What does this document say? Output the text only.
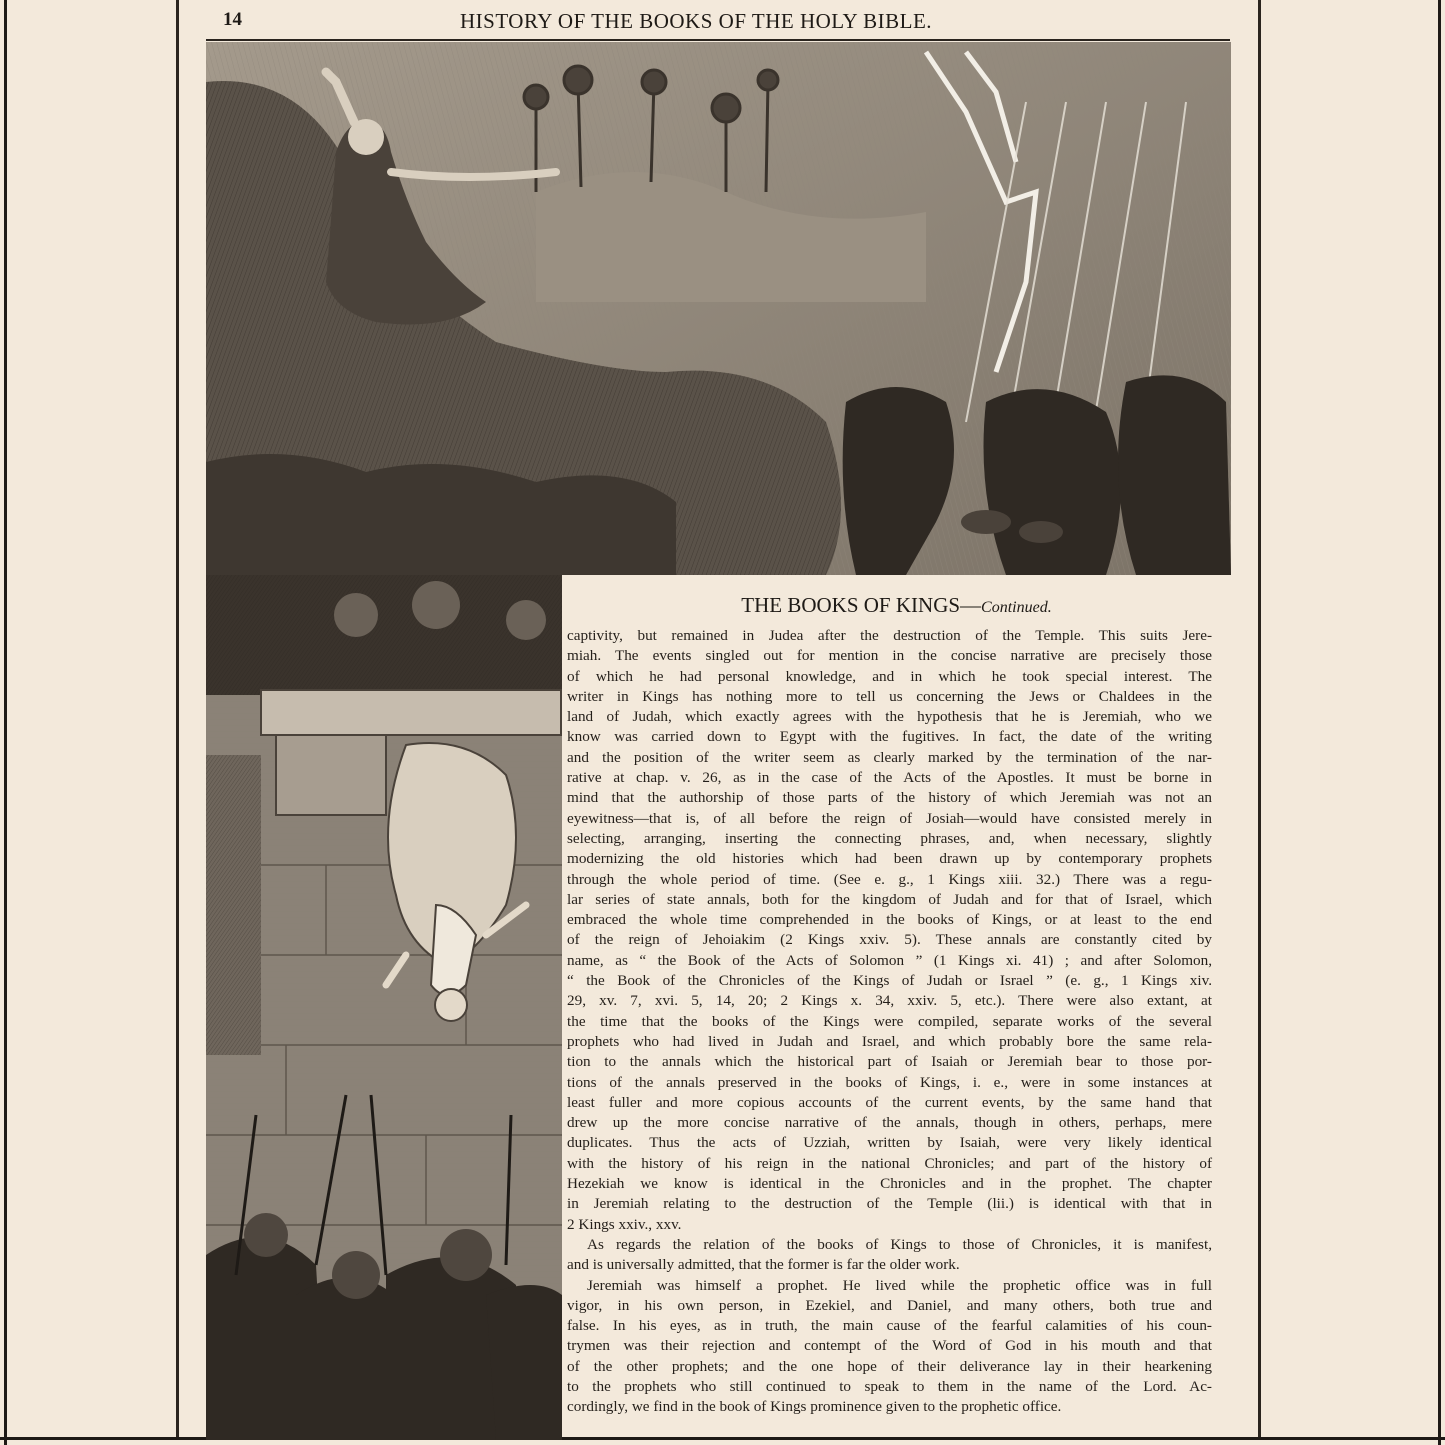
14	HISTORY OF THE BOOKS OF THE HOLY BIBLE.
THE BOOKS OF KINGS—Continued.
captivity, but remained in Judea after the destruction of the Temple. This suits Jere-
miah. The events singled out for mention in the concise narrative are precisely those
of which he had personal knowledge, and in which he took special interest. The
writer in Kings has nothing more to tell us concerning the Jews or Chaldees in the
land of Judah, which exactly agrees with the hypothesis that he is Jeremiah, who we
know was carried down to Egypt with the fugitives. In fact, the date of the writing
and the position of the writer seem as clearly marked by the termination of the nar-
rative at chap. v. 26, as in the case of the Acts of the Apostles. It must be borne in
mind that the authorship of those parts of the history of which Jeremiah was not an
eyewitness—that is, of all before the reign of Josiah—would have consisted merely in
selecting, arranging, inserting the connecting phrases, and, when necessary, slightly
modernizing the old histories which had been drawn up by contemporary prophets
through the whole period of time. (See e. g., 1 Kings xiii. 32.) There was a regu-
lar series of state annals, both for the kingdom of Judah and for that of Israel, which
embraced the whole time comprehended in the books of Kings, or at least to the end
of the reign of Jehoiakim (2 Kings xxiv. 5). These annals are constantly cited by
name, as “ the Book of the Acts of Solomon ” (1 Kings xi. 41) ; and after Solomon,
“ the Book of the Chronicles of the Kings of Judah or Israel ” (e. g., 1 Kings xiv.
29, xv. 7, xvi. 5, 14, 20; 2 Kings x. 34, xxiv. 5, etc.). There were also extant, at
the time that the books of the Kings were compiled, separate works of the several
prophets who had lived in Judah and Israel, and which probably bore the same rela-
tion to the annals which the historical part of Isaiah or Jeremiah bear to those por-
tions of the annals preserved in the books of Kings, i. e., were in some instances at
least fuller and more copious accounts of the current events, by the same hand that
drew up the more concise narrative of the annals, though in others, perhaps, mere
duplicates. Thus the acts of Uzziah, written by Isaiah, were very likely identical
with the history of his reign in the national Chronicles; and part of the history of
Hezekiah we know is identical in the Chronicles and in the prophet. The chapter
in Jeremiah relating to the destruction of the Temple (lii.) is identical with that in
2 Kings xxiv., xxv.
As regards the relation of the books of Kings to those of Chronicles, it is manifest,
and is universally admitted, that the former is far the older work.
Jeremiah was himself a prophet. He lived while the prophetic office was in full
vigor, in his own person, in Ezekiel, and Daniel, and many others, both true and
false. In his eyes, as in truth, the main cause of the fearful calamities of his coun-
trymen was their rejection and contempt of the Word of God in his mouth and that
of the other prophets; and the one hope of their deliverance lay in their hearkening
to the prophets who still continued to speak to them in the name of the Lord. Ac-
cordingly, we find in the book of Kings prominence given to the prophetic office.
